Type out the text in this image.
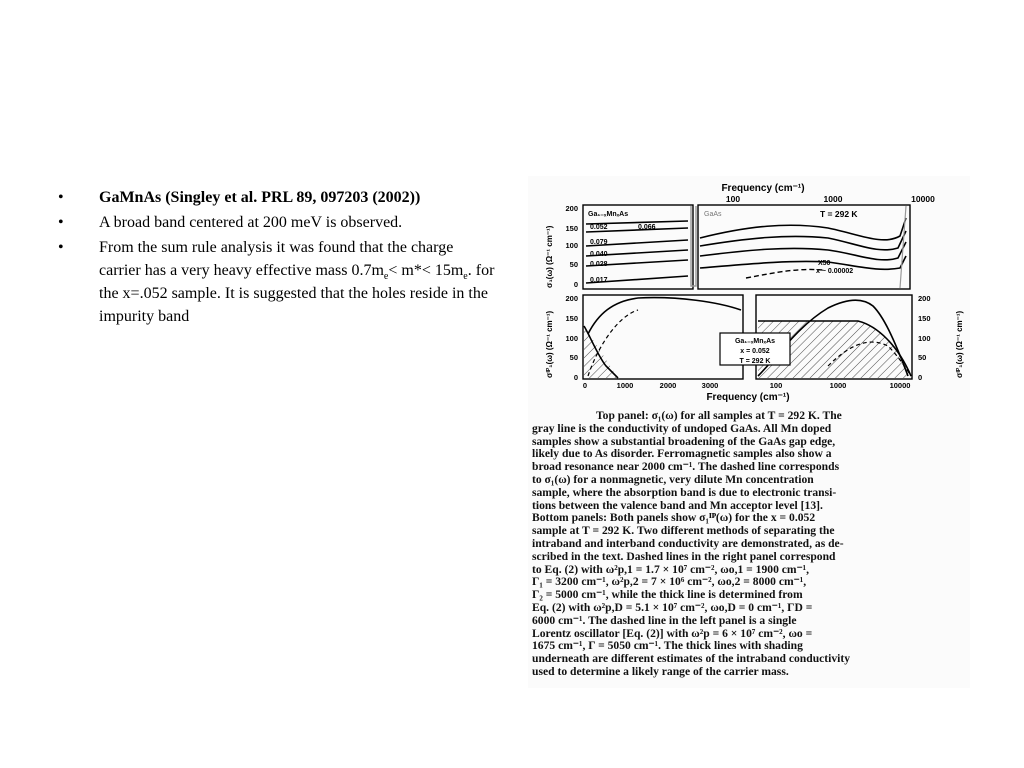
•	GaMnAs (Singley et al. PRL 89, 097203 (2002))
•	A broad band centered at 200 meV is observed.
•	From the sum rule analysis it was found that the charge carrier has a very heavy effective mass $0.7m_e< m*< 15m_e$. for the x=.052 sample. It is suggested that the holes reside in the impurity band
Frequency (cm⁻¹)
100	1000	10000
200
150
100
50
0
σ₁(ω) (Ω⁻¹ cm⁻¹)
Ga₁₋ₓMnₓAs
0.052	0.066
0.079
0.040
0.028
0.017
GaAs	T = 292 K
X50
x ~ 0.00002
200
150
100
50
0
σᴵᴾ₁(ω) (Ω⁻¹ cm⁻¹)
0	1000	2000	3000
Ga₁₋ₓMnₓAs
x = 0.052
T = 292 K
200
150
100
50
0	σᴵᴾ₁(ω) (Ω⁻¹ cm⁻¹)
100	1000	10000
Frequency (cm⁻¹)
Top panel: σ₁(ω) for all samples at T = 292 K. The
gray line is the conductivity of undoped GaAs. All Mn doped
samples show a substantial broadening of the GaAs gap edge,
likely due to As disorder. Ferromagnetic samples also show a
broad resonance near 2000 cm⁻¹. The dashed line corresponds
to σ₁(ω) for a nonmagnetic, very dilute Mn concentration
sample, where the absorption band is due to electronic transi-
tions between the valence band and Mn acceptor level [13].
Bottom panels: Both panels show σ₁ᴵᴾ(ω) for the x = 0.052
sample at T = 292 K. Two different methods of separating the
intraband and interband conductivity are demonstrated, as de-
scribed in the text. Dashed lines in the right panel correspond
to Eq. (2) with ω²p,1 = 1.7 × 10⁷ cm⁻², ωo,1 = 1900 cm⁻¹,
Γ₁ = 3200 cm⁻¹, ω²p,2 = 7 × 10⁶ cm⁻², ωo,2 = 8000 cm⁻¹,
Γ₂ = 5000 cm⁻¹, while the thick line is determined from
Eq. (2) with ω²p,D = 5.1 × 10⁷ cm⁻², ωo,D = 0 cm⁻¹, ΓD =
6000 cm⁻¹. The dashed line in the left panel is a single
Lorentz oscillator [Eq. (2)] with ω²p = 6 × 10⁷ cm⁻², ωo =
1675 cm⁻¹, Γ = 5050 cm⁻¹. The thick lines with shading
underneath are different estimates of the intraband conductivity
used to determine a likely range of the carrier mass.
